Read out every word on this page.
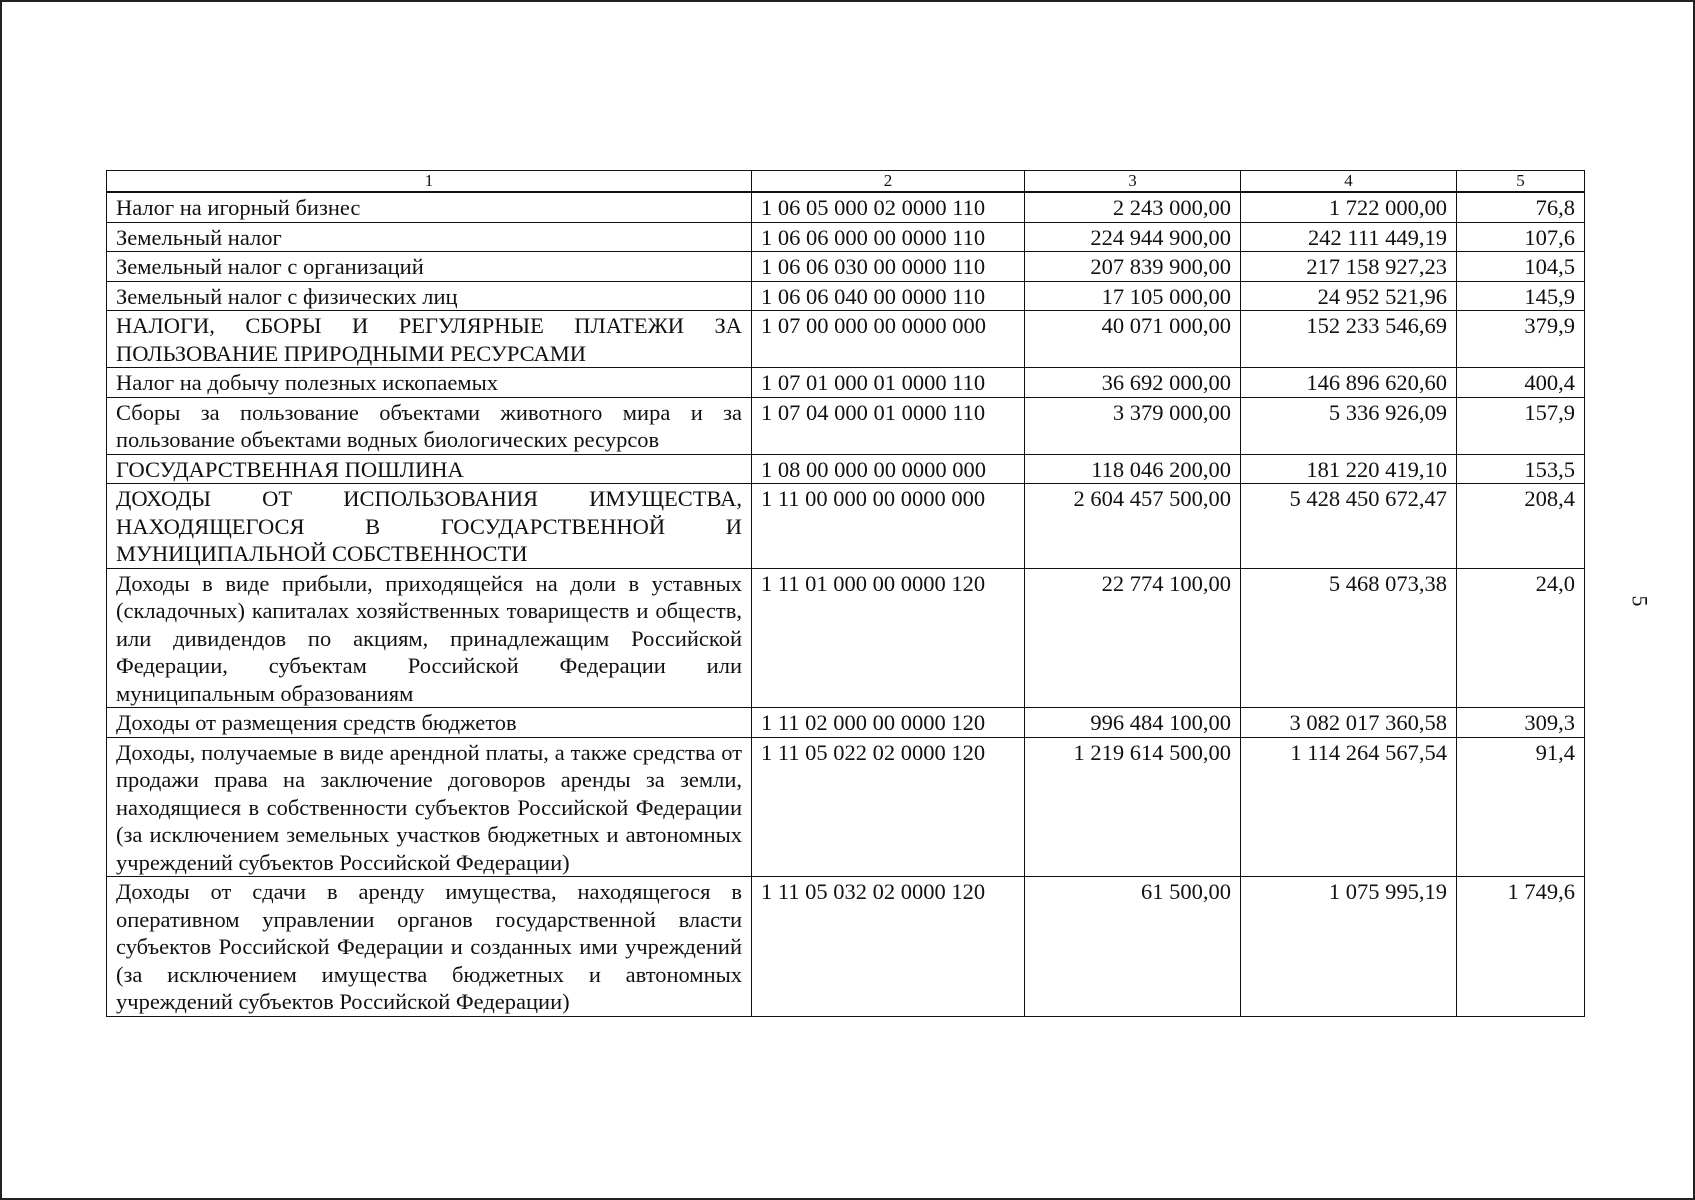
5
1	2	3	4	5
Налог на игорный бизнес	1 06 05 000 02 0000 110	2 243 000,00	1 722 000,00	76,8
Земельный налог	1 06 06 000 00 0000 110	224 944 900,00	242 111 449,19	107,6
Земельный налог с организаций	1 06 06 030 00 0000 110	207 839 900,00	217 158 927,23	104,5
Земельный налог с физических лиц	1 06 06 040 00 0000 110	17 105 000,00	24 952 521,96	145,9
НАЛОГИ, СБОРЫ И РЕГУЛЯРНЫЕ ПЛАТЕЖИ ЗА ПОЛЬЗОВАНИЕ ПРИРОДНЫМИ РЕСУРСАМИ	1 07 00 000 00 0000 000	40 071 000,00	152 233 546,69	379,9
Налог на добычу полезных ископаемых	1 07 01 000 01 0000 110	36 692 000,00	146 896 620,60	400,4
Сборы за пользование объектами животного мира и за пользование объектами водных биологических ресурсов	1 07 04 000 01 0000 110	3 379 000,00	5 336 926,09	157,9
ГОСУДАРСТВЕННАЯ ПОШЛИНА	1 08 00 000 00 0000 000	118 046 200,00	181 220 419,10	153,5
ДОХОДЫ ОТ ИСПОЛЬЗОВАНИЯ ИМУЩЕСТВА, НАХОДЯЩЕГОСЯ В ГОСУДАРСТВЕННОЙ И МУНИЦИПАЛЬНОЙ СОБСТВЕННОСТИ	1 11 00 000 00 0000 000	2 604 457 500,00	5 428 450 672,47	208,4
Доходы в виде прибыли, приходящейся на доли в уставных (складочных) капиталах хозяйственных товариществ и обществ, или дивидендов по акциям, принадлежащим Российской Федерации, субъектам Российской Федерации или муниципальным образованиям	1 11 01 000 00 0000 120	22 774 100,00	5 468 073,38	24,0
Доходы от размещения средств бюджетов	1 11 02 000 00 0000 120	996 484 100,00	3 082 017 360,58	309,3
Доходы, получаемые в виде арендной платы, а также средства от продажи права на заключение договоров аренды за земли, находящиеся в собственности субъектов Российской Федерации (за исключением земельных участков бюджетных и автономных учреждений субъектов Российской Федерации)	1 11 05 022 02 0000 120	1 219 614 500,00	1 114 264 567,54	91,4
Доходы от сдачи в аренду имущества, находящегося в оперативном управлении органов государственной власти субъектов Российской Федерации и созданных ими учреждений (за исключением имущества бюджетных и автономных учреждений субъектов Российской Федерации)	1 11 05 032 02 0000 120	61 500,00	1 075 995,19	1 749,6
